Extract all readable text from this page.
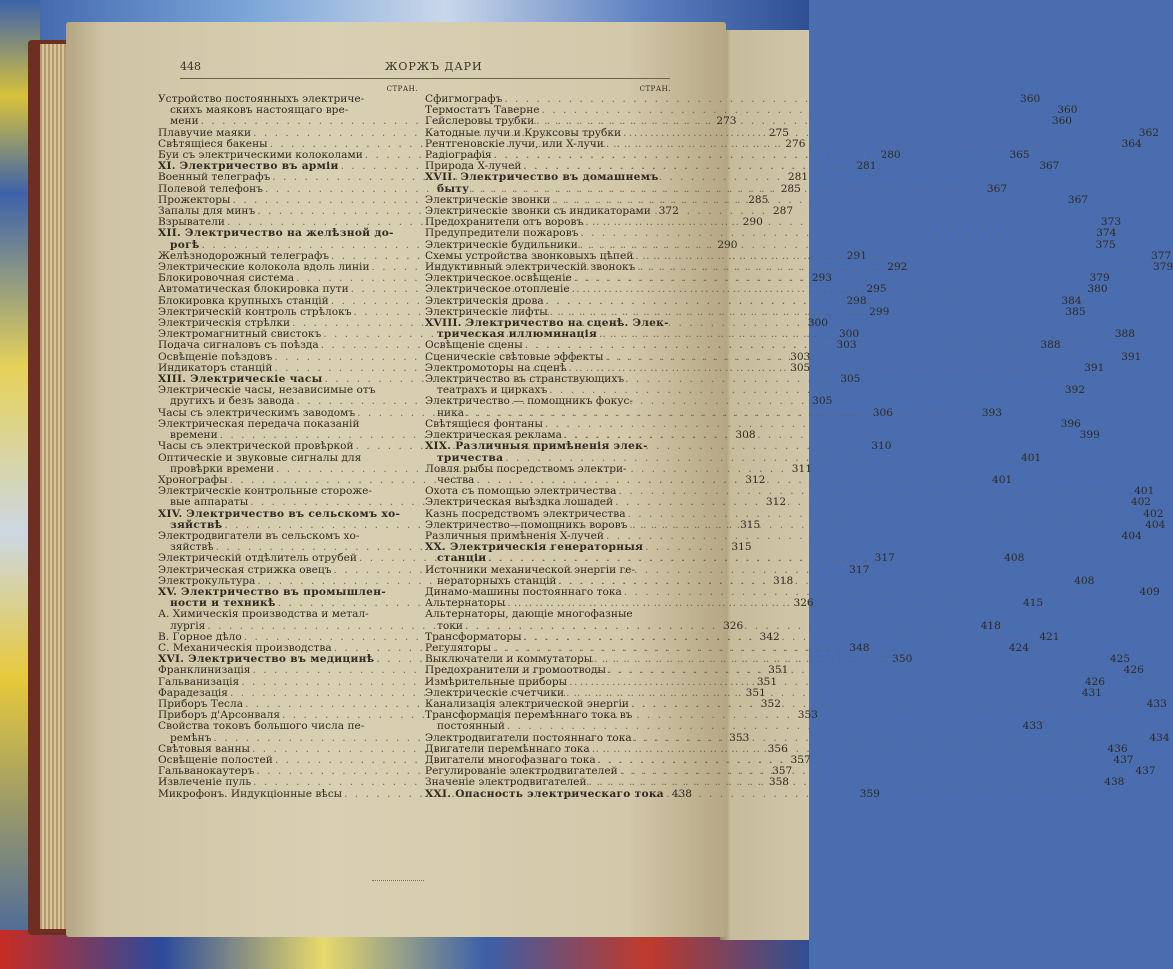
448	ЖОРЖЪ ДАРИ
СТРАН.
Устройство постоянныхъ электриче-
скихъ маяковъ настоящаго вре-
мени . . .	273
Плавучие маяки . . .	275
Свѣтящіеся бакены . . .	276
Буи съ электрическими колоколами . . .	280
XI. Электричество въ арміи . . .	281
Военный телеграфъ . . .	281
Полевой телефонъ . . .	285
Прожекторы . . .	285
Запалы для минъ . . .	287
Взрыватели . . .	290
XII. Электричество на желѣзной до-
рогѣ . . .	290
Желѣзнодорожный телеграфъ . . .	291
Электрические колокола вдоль линіи . . .	292
Блокировочная система . . .	293
Автоматическая блокировка пути . . .	295
Блокировка крупныхъ станцій . . .	298
Электрическій контроль стрѣлокъ . . .	299
Электрическія стрѣлки . . .	300
Электромагнитный свистокъ . . .	300
Подача сигналовъ съ поѣзда . . .	303
Освѣщеніе поѣздовъ . . .	303
Индикаторъ станцій . . .	305
XIII. Электрическіе часы . . .	305
Электрическіе часы, независимые отъ
другихъ и безъ завода . . .	305
Часы съ электрическимъ заводомъ . . .	306
Электрическая передача показаній
времени . . .	308
Часы съ электрической провѣркой . . .	310
Оптическіе и звуковые сигналы для
провѣрки времени . . .	311
Хронографы . . .	312
Электрическіе контрольные стороже-
вые аппараты . . .	312
XIV. Электричество въ сельскомъ хо-
зяйствѣ . . .	315
Электродвигатели въ сельскомъ хо-
зяйствѣ . . .	315
Электрическій отдѣлитель отрубей . . .	317
Электрическая стрижка овецъ . . .	317
Электрокультура . . .	318
XV. Электричество въ промышлен-
ности и техникѣ . . .	326
А. Химическія производства и метал-
лургія . . .	326
В. Горное дѣло . . .	342
С. Механическія производства . . .	348
XVI. Электричество въ медицинѣ . . .	350
Франклинизація . . .	351
Гальванизація . . .	351
Фарадезація . . .	351
Приборъ Тесла . . .	352
Приборъ д'Арсонваля . . .	353
Свойства токовъ большого числа пе-
ремѣнъ . . .	353
Свѣтовыя ванны . . .	356
Освѣщеніе полостей . . .	357
Гальванокаутеръ . . .	357
Извлеченіе пуль . . .	358
Микрофонъ. Индукціонные вѣсы . . .	359
СТРАН.
Сфигмографъ . . .	360
Термостатъ Таверне . . .	360
Гейслеровы трубки . . .	360
Катодные лучи и Круксовы трубки . . .	362
Рентгеновскіе лучи, или X-лучи . . .	364
Радіографія . . .	365
Природа X-лучей . . .	367
XVII. Электричество въ домашнемъ
быту . . .	367
Электрическіе звонки . . .	367
Электрическіе звонки съ индикаторами 372
Предохранители отъ воровъ . . .	373
Предупредители пожаровъ . . .	374
Электрическіе будильники . . .	375
Схемы устройства звонковыхъ цѣпей . . .	377
Индуктивный электрическій звонокъ . . .	379
Электрическое освѣщеніе . . .	379
Электрическое отопленіе . . .	380
Электрическія дрова . . .	384
Электрическіе лифты . . .	385
XVIII. Электричество на сценѣ. Элек-
трическая иллюминація . . .	388
Освѣщеніе сцены . . .	388
Сценическіе свѣтовые эффекты . . .	391
Электромоторы на сценѣ . . .	391
Электричество въ странствующихъ
театрахъ и циркахъ . . .	392
Электричество — помощникъ фокус-
ника . . .	393
Свѣтящіеся фонтаны . . .	396
Электрическая реклама . . .	399
XIX. Различныя примѣненія элек-
тричества . . .	401
Ловля рыбы посредствомъ электри-
чества . . .	401
Охота съ помощью электричества . . .	401
Электрическая выѣздка лошадей . . .	402
Казнь посредствомъ электричества . . .	402
Электричество—помощникъ воровъ . . .	404
Различныя примѣненія X-лучей . . .	404
XX. Электрическія генераторныя
станціи . . .	408
Источники механической энергіи ге-
нераторныхъ станцій . . .	408
Динамо-машины постояннаго тока . . .	409
Альтернаторы . . .	415
Альтернаторы, дающіе многофазные
токи . . .	418
Трансформаторы . . .	421
Регуляторы . . .	424
Выключатели и коммутаторы . . .	425
Предохранители и громоотводы . . .	426
Измѣрительные приборы . . .	426
Электрическіе счетчики . . .	431
Канализація электрической энергіи . . .	433
Трансформація перемѣннаго тока въ
постоянный . . .	433
Электродвигатели постояннаго тока . . .	434
Двигатели перемѣннаго тока . . .	436
Двигатели многофазнаго тока . . .	437
Регулированіе электродвигателей . . .	437
Значеніе электродвигателей . . .	438
XXI. Опасность электрическаго тока 438
